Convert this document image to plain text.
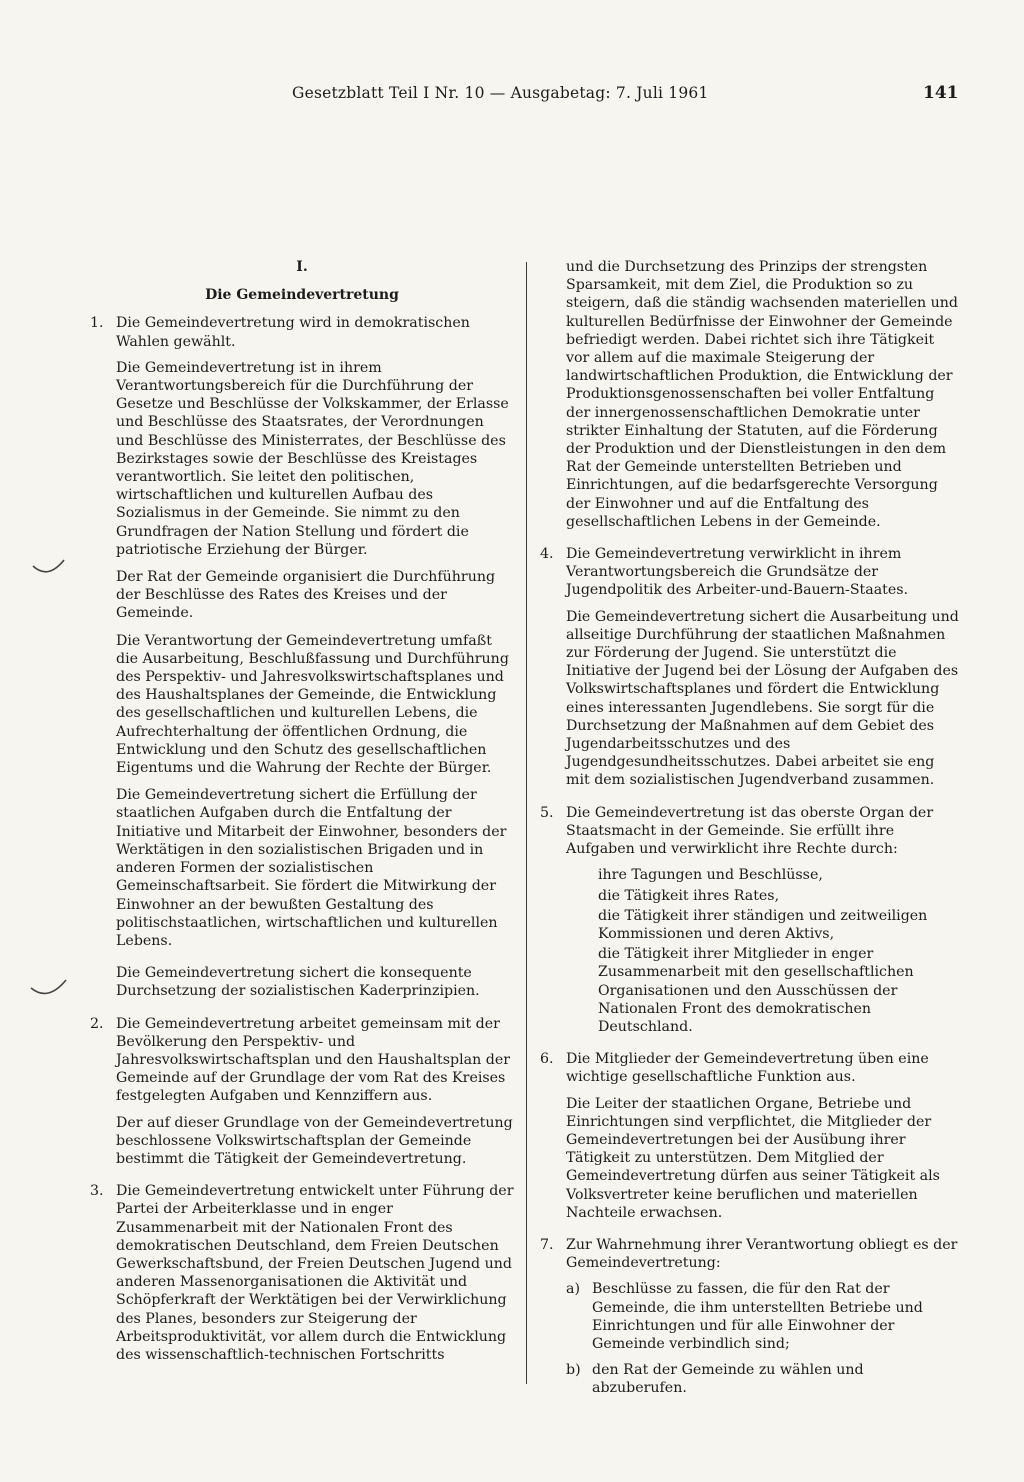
Gesetzblatt Teil I Nr. 10 — Ausgabetag: 7. Juli 1961	141
I.
Die Gemeindevertretung
1. Die Gemeindevertretung wird in demokratischen Wahlen gewählt.
Die Gemeindevertretung ist in ihrem Verantwortungsbereich für die Durchführung der Gesetze und Beschlüsse der Volkskammer, der Erlasse und Beschlüsse des Staatsrates, der Verordnungen und Beschlüsse des Ministerrates, der Beschlüsse des Bezirkstages sowie der Beschlüsse des Kreistages verantwortlich. Sie leitet den politischen, wirtschaftlichen und kulturellen Aufbau des Sozialismus in der Gemeinde. Sie nimmt zu den Grundfragen der Nation Stellung und fördert die patriotische Erziehung der Bürger.
Der Rat der Gemeinde organisiert die Durchführung der Beschlüsse des Rates des Kreises und der Gemeinde.
Die Verantwortung der Gemeindevertretung umfaßt die Ausarbeitung, Beschlußfassung und Durchführung des Perspektiv- und Jahresvolkswirtschaftsplanes und des Haushaltsplanes der Gemeinde, die Entwicklung des gesellschaftlichen und kulturellen Lebens, die Aufrechterhaltung der öffentlichen Ordnung, die Entwicklung und den Schutz des gesellschaftlichen Eigentums und die Wahrung der Rechte der Bürger.
Die Gemeindevertretung sichert die Erfüllung der staatlichen Aufgaben durch die Entfaltung der Initiative und Mitarbeit der Einwohner, besonders der Werktätigen in den sozialistischen Brigaden und in anderen Formen der sozialistischen Gemeinschaftsarbeit. Sie fördert die Mitwirkung der Einwohner an der bewußten Gestaltung des politischstaatlichen, wirtschaftlichen und kulturellen Lebens.
Die Gemeindevertretung sichert die konsequente Durchsetzung der sozialistischen Kaderprinzipien.
2. Die Gemeindevertretung arbeitet gemeinsam mit der Bevölkerung den Perspektiv- und Jahresvolkswirtschaftsplan und den Haushaltsplan der Gemeinde auf der Grundlage der vom Rat des Kreises festgelegten Aufgaben und Kennziffern aus.
Der auf dieser Grundlage von der Gemeindevertretung beschlossene Volkswirtschaftsplan der Gemeinde bestimmt die Tätigkeit der Gemeindevertretung.
3. Die Gemeindevertretung entwickelt unter Führung der Partei der Arbeiterklasse und in enger Zusammenarbeit mit der Nationalen Front des demokratischen Deutschland, dem Freien Deutschen Gewerkschaftsbund, der Freien Deutschen Jugend und anderen Massenorganisationen die Aktivität und Schöpferkraft der Werktätigen bei der Verwirklichung des Planes, besonders zur Steigerung der Arbeitsproduktivität, vor allem durch die Entwicklung des wissenschaftlich-technischen Fortschritts
und die Durchsetzung des Prinzips der strengsten Sparsamkeit, mit dem Ziel, die Produktion so zu steigern, daß die ständig wachsenden materiellen und kulturellen Bedürfnisse der Einwohner der Gemeinde befriedigt werden. Dabei richtet sich ihre Tätigkeit vor allem auf die maximale Steigerung der landwirtschaftlichen Produktion, die Entwicklung der Produktionsgenossenschaften bei voller Entfaltung der innergenossenschaftlichen Demokratie unter strikter Einhaltung der Statuten, auf die Förderung der Produktion und der Dienstleistungen in den dem Rat der Gemeinde unterstellten Betrieben und Einrichtungen, auf die bedarfsgerechte Versorgung der Einwohner und auf die Entfaltung des gesellschaftlichen Lebens in der Gemeinde.
4. Die Gemeindevertretung verwirklicht in ihrem Verantwortungsbereich die Grundsätze der Jugendpolitik des Arbeiter-und-Bauern-Staates.
Die Gemeindevertretung sichert die Ausarbeitung und allseitige Durchführung der staatlichen Maßnahmen zur Förderung der Jugend. Sie unterstützt die Initiative der Jugend bei der Lösung der Aufgaben des Volkswirtschaftsplanes und fördert die Entwicklung eines interessanten Jugendlebens. Sie sorgt für die Durchsetzung der Maßnahmen auf dem Gebiet des Jugendarbeitsschutzes und des Jugendgesundheitsschutzes. Dabei arbeitet sie eng mit dem sozialistischen Jugendverband zusammen.
5. Die Gemeindevertretung ist das oberste Organ der Staatsmacht in der Gemeinde. Sie erfüllt ihre Aufgaben und verwirklicht ihre Rechte durch:
ihre Tagungen und Beschlüsse,
die Tätigkeit ihres Rates,
die Tätigkeit ihrer ständigen und zeitweiligen Kommissionen und deren Aktivs,
die Tätigkeit ihrer Mitglieder in enger Zusammenarbeit mit den gesellschaftlichen Organisationen und den Ausschüssen der Nationalen Front des demokratischen Deutschland.
6. Die Mitglieder der Gemeindevertretung üben eine wichtige gesellschaftliche Funktion aus.
Die Leiter der staatlichen Organe, Betriebe und Einrichtungen sind verpflichtet, die Mitglieder der Gemeindevertretungen bei der Ausübung ihrer Tätigkeit zu unterstützen. Dem Mitglied der Gemeindevertretung dürfen aus seiner Tätigkeit als Volksvertreter keine beruflichen und materiellen Nachteile erwachsen.
7. Zur Wahrnehmung ihrer Verantwortung obliegt es der Gemeindevertretung:
a) Beschlüsse zu fassen, die für den Rat der Gemeinde, die ihm unterstellten Betriebe und Einrichtungen und für alle Einwohner der Gemeinde verbindlich sind;
b) den Rat der Gemeinde zu wählen und abzuberufen.
